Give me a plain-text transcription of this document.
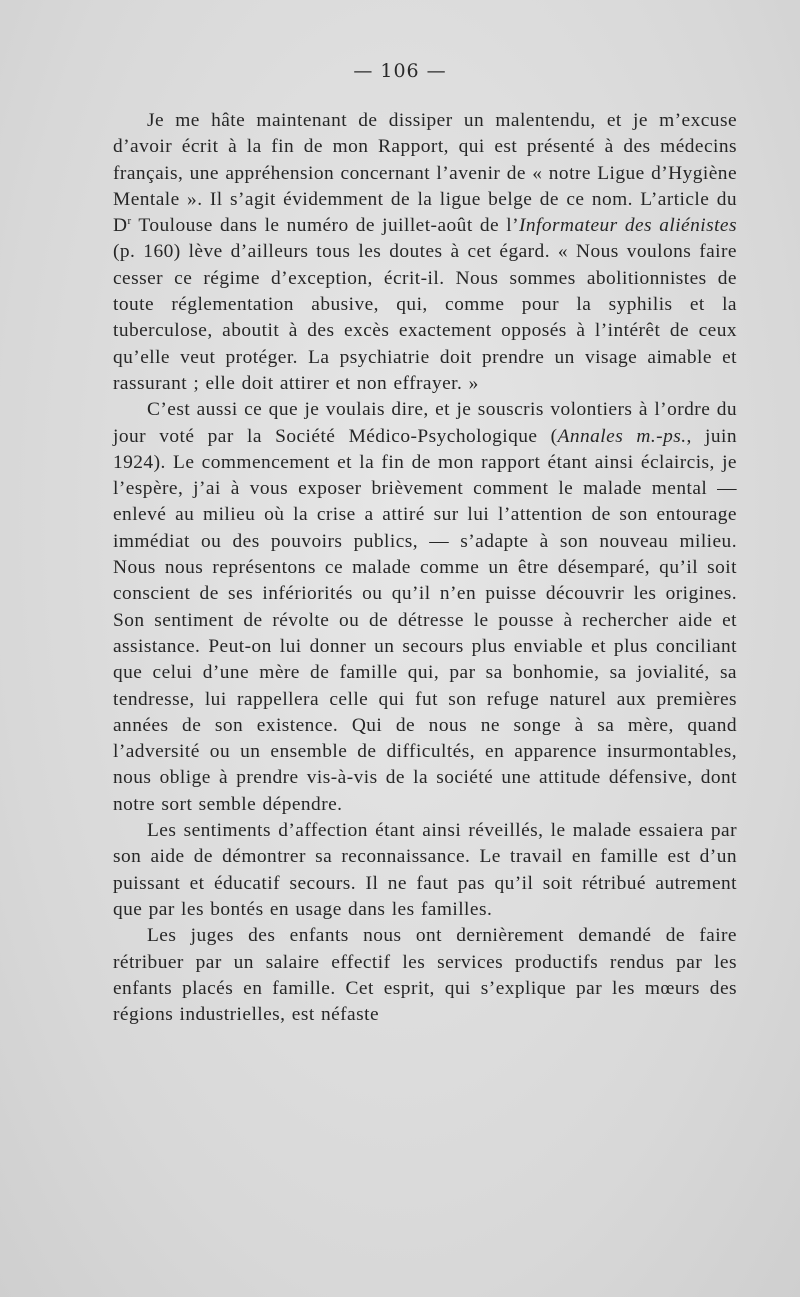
— 106 —

Je me hâte maintenant de dissiper un malentendu, et je m’excuse d’avoir écrit à la fin de mon Rapport, qui est présenté à des médecins français, une appréhension concernant l’avenir de « notre Ligue d’Hygiène Mentale ». Il s’agit évidemment de la ligue belge de ce nom. L’article du $D^r$ Toulouse dans le numéro de juillet-août de l’Informateur des aliénistes (p. 160) lève d’ailleurs tous les doutes à cet égard. « Nous voulons faire cesser ce régime d’exception, écrit-il. Nous sommes abolitionnistes de toute réglementation abusive, qui, comme pour la syphilis et la tuberculose, aboutit à des excès exactement opposés à l’intérêt de ceux qu’elle veut protéger. La psychiatrie doit prendre un visage aimable et rassurant ; elle doit attirer et non effrayer. »

C’est aussi ce que je voulais dire, et je souscris volontiers à l’ordre du jour voté par la Société Médico-Psychologique (Annales m.-ps., juin 1924). Le commencement et la fin de mon rapport étant ainsi éclaircis, je l’espère, j’ai à vous exposer brièvement comment le malade mental — enlevé au milieu où la crise a attiré sur lui l’attention de son entourage immédiat ou des pouvoirs publics, — s’adapte à son nouveau milieu. Nous nous représentons ce malade comme un être désemparé, qu’il soit conscient de ses infériorités ou qu’il n’en puisse découvrir les origines. Son sentiment de révolte ou de détresse le pousse à rechercher aide et assistance. Peut-on lui donner un secours plus enviable et plus conciliant que celui d’une mère de famille qui, par sa bonhomie, sa jovialité, sa tendresse, lui rappellera celle qui fut son refuge naturel aux premières années de son existence. Qui de nous ne songe à sa mère, quand l’adversité ou un ensemble de difficultés, en apparence insurmontables, nous oblige à prendre vis-à-vis de la société une attitude défensive, dont notre sort semble dépendre.

Les sentiments d’affection étant ainsi réveillés, le malade essaiera par son aide de démontrer sa reconnaissance. Le travail en famille est d’un puissant et éducatif secours. Il ne faut pas qu’il soit rétribué autrement que par les bontés en usage dans les familles.

Les juges des enfants nous ont dernièrement demandé de faire rétribuer par un salaire effectif les services productifs rendus par les enfants placés en famille. Cet esprit, qui s’explique par les mœurs des régions industrielles, est néfaste
